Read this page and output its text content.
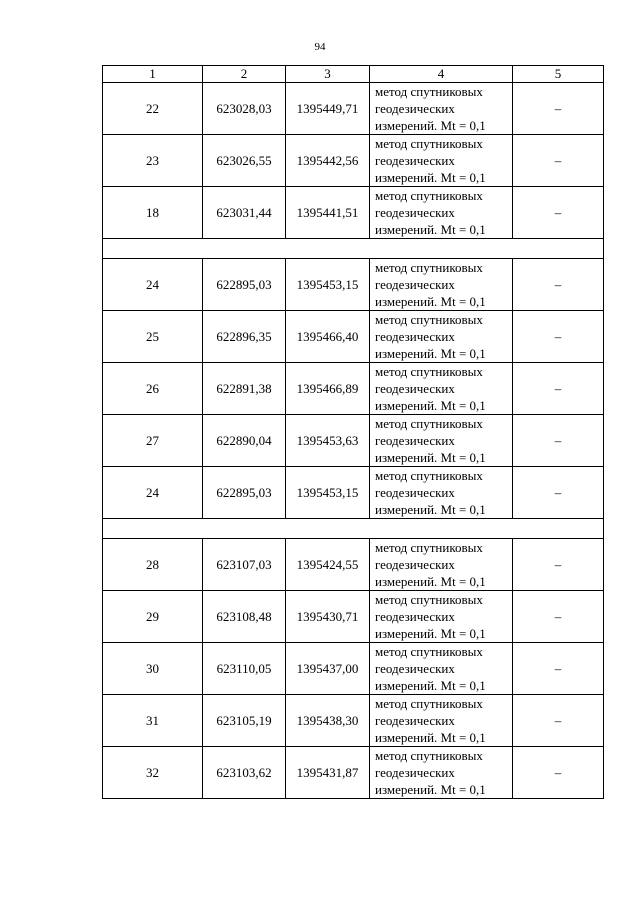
94
1	2	3	4	5
22	623028,03	1395449,71	метод спутниковых
геодезических
измерений. Mt = 0,1	–
23	623026,55	1395442,56	метод спутниковых
геодезических
измерений. Mt = 0,1	–
18	623031,44	1395441,51	метод спутниковых
геодезических
измерений. Mt = 0,1	–

24	622895,03	1395453,15	метод спутниковых
геодезических
измерений. Mt = 0,1	–
25	622896,35	1395466,40	метод спутниковых
геодезических
измерений. Mt = 0,1	–
26	622891,38	1395466,89	метод спутниковых
геодезических
измерений. Mt = 0,1	–
27	622890,04	1395453,63	метод спутниковых
геодезических
измерений. Mt = 0,1	–
24	622895,03	1395453,15	метод спутниковых
геодезических
измерений. Mt = 0,1	–

28	623107,03	1395424,55	метод спутниковых
геодезических
измерений. Mt = 0,1	–
29	623108,48	1395430,71	метод спутниковых
геодезических
измерений. Mt = 0,1	–
30	623110,05	1395437,00	метод спутниковых
геодезических
измерений. Mt = 0,1	–
31	623105,19	1395438,30	метод спутниковых
геодезических
измерений. Mt = 0,1	–
32	623103,62	1395431,87	метод спутниковых
геодезических
измерений. Mt = 0,1	–
